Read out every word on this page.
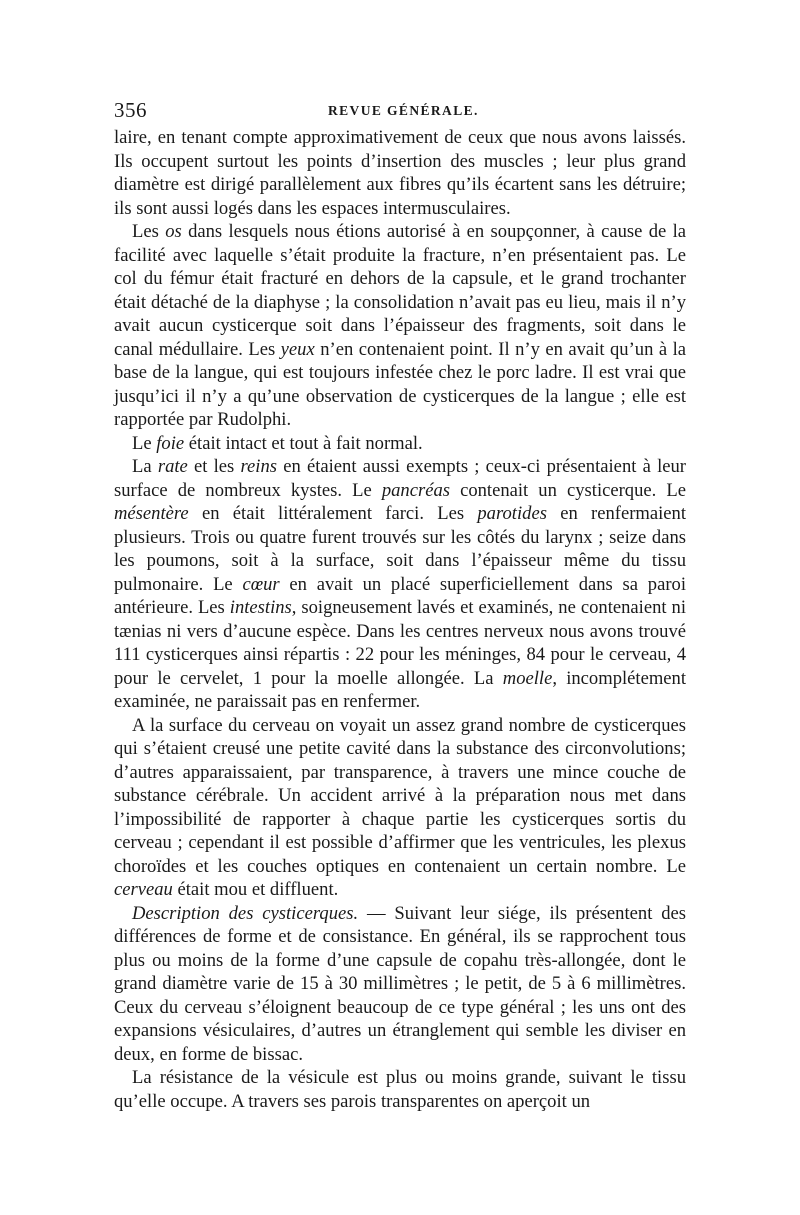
356	REVUE GÉNÉRALE.

laire, en tenant compte approximativement de ceux que nous avons laissés. Ils occupent surtout les points d’insertion des muscles ; leur plus grand diamètre est dirigé parallèlement aux fibres qu’ils écartent sans les détruire; ils sont aussi logés dans les espaces intermusculaires.

Les os dans lesquels nous étions autorisé à en soupçonner, à cause de la facilité avec laquelle s’était produite la fracture, n’en présentaient pas. Le col du fémur était fracturé en dehors de la capsule, et le grand trochanter était détaché de la diaphyse ; la consolidation n’avait pas eu lieu, mais il n’y avait aucun cysticerque soit dans l’épaisseur des fragments, soit dans le canal médullaire. Les yeux n’en contenaient point. Il n’y en avait qu’un à la base de la langue, qui est toujours infestée chez le porc ladre. Il est vrai que jusqu’ici il n’y a qu’une observation de cysticerques de la langue ; elle est rapportée par Rudolphi.

Le foie était intact et tout à fait normal.

La rate et les reins en étaient aussi exempts ; ceux-ci présentaient à leur surface de nombreux kystes. Le pancréas contenait un cysticerque. Le mésentère en était littéralement farci. Les parotides en renfermaient plusieurs. Trois ou quatre furent trouvés sur les côtés du larynx ; seize dans les poumons, soit à la surface, soit dans l’épaisseur même du tissu pulmonaire. Le cœur en avait un placé superficiellement dans sa paroi antérieure. Les intestins, soigneusement lavés et examinés, ne contenaient ni tænias ni vers d’aucune espèce. Dans les centres nerveux nous avons trouvé 111 cysticerques ainsi répartis : 22 pour les méninges, 84 pour le cerveau, 4 pour le cervelet, 1 pour la moelle allongée. La moelle, incomplétement examinée, ne paraissait pas en renfermer.

A la surface du cerveau on voyait un assez grand nombre de cysticerques qui s’étaient creusé une petite cavité dans la substance des circonvolutions; d’autres apparaissaient, par transparence, à travers une mince couche de substance cérébrale. Un accident arrivé à la préparation nous met dans l’impossibilité de rapporter à chaque partie les cysticerques sortis du cerveau ; cependant il est possible d’affirmer que les ventricules, les plexus choroïdes et les couches optiques en contenaient un certain nombre. Le cerveau était mou et diffluent.

Description des cysticerques. — Suivant leur siége, ils présentent des différences de forme et de consistance. En général, ils se rapprochent tous plus ou moins de la forme d’une capsule de copahu très-allongée, dont le grand diamètre varie de 15 à 30 millimètres ; le petit, de 5 à 6 millimètres. Ceux du cerveau s’éloignent beaucoup de ce type général ; les uns ont des expansions vésiculaires, d’autres un étranglement qui semble les diviser en deux, en forme de bissac.

La résistance de la vésicule est plus ou moins grande, suivant le tissu qu’elle occupe. A travers ses parois transparentes on aperçoit un
